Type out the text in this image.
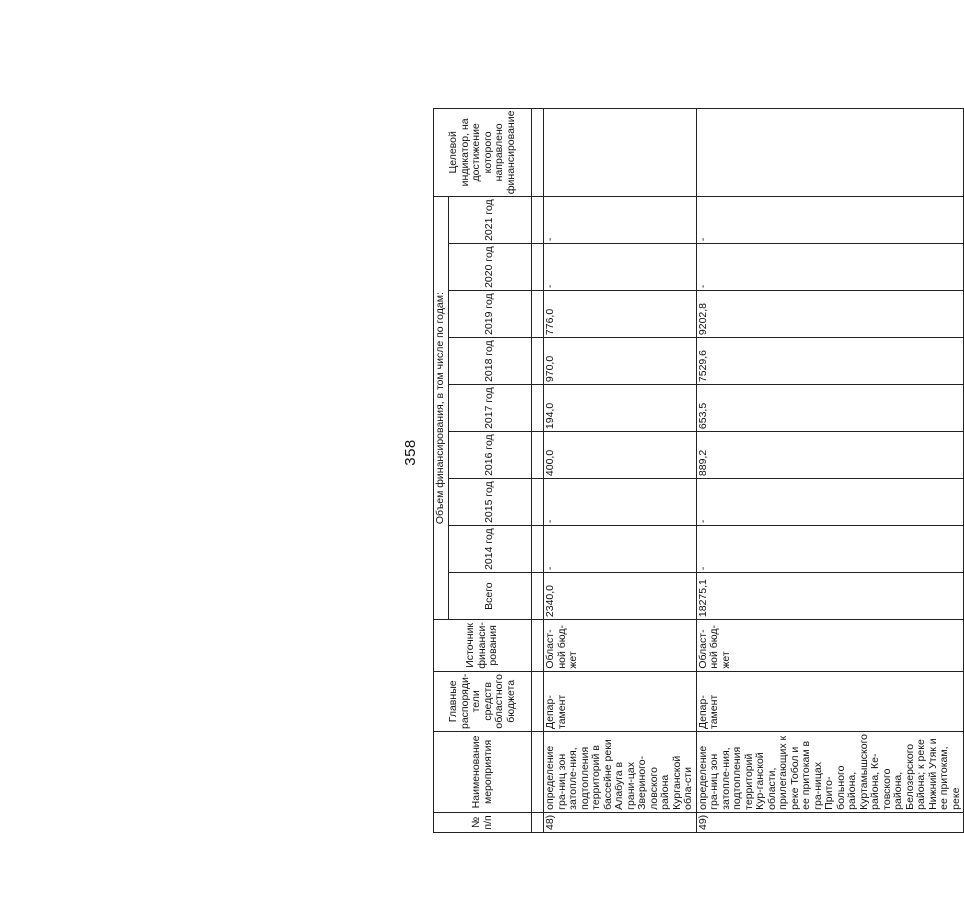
358
№ п/п	Наименование мероприятия	Главные распоряди-тели средств областного бюджета	Источник финанси-рования	Объем финансирования, в том числе по годам:									Целевой индикатор, на достижение которого направлено финансирование
				Всего	2014 год	2015 год	2016 год	2017 год	2018 год	2019 год	2020 год	2021 год	

48)	определение гра-ниц зон затопле-ния, подтопления территорий в бассейне реки Алабуга в грани-цах Звериного-ловского района Курганской обла-сти	Депар-тамент	Област-ной бюд-жет	2340,0	-	-	400,0	194,0	970,0	776,0	-	-	
49)	определение гра-ниц зон затопле-ния, подтопления территорий Кур-ганской области, прилегающих к реке Тобол и ее притокам в гра-ницах Прито-больного района, Куртамышского района, Ке-товского района, Белозерского района; к реке Нижний Утяк и ее притокам, реке	Депар-тамент	Област-ной бюд-жет	18275,1	-	-	889,2	653,5	7529,6	9202,8	-	-	
